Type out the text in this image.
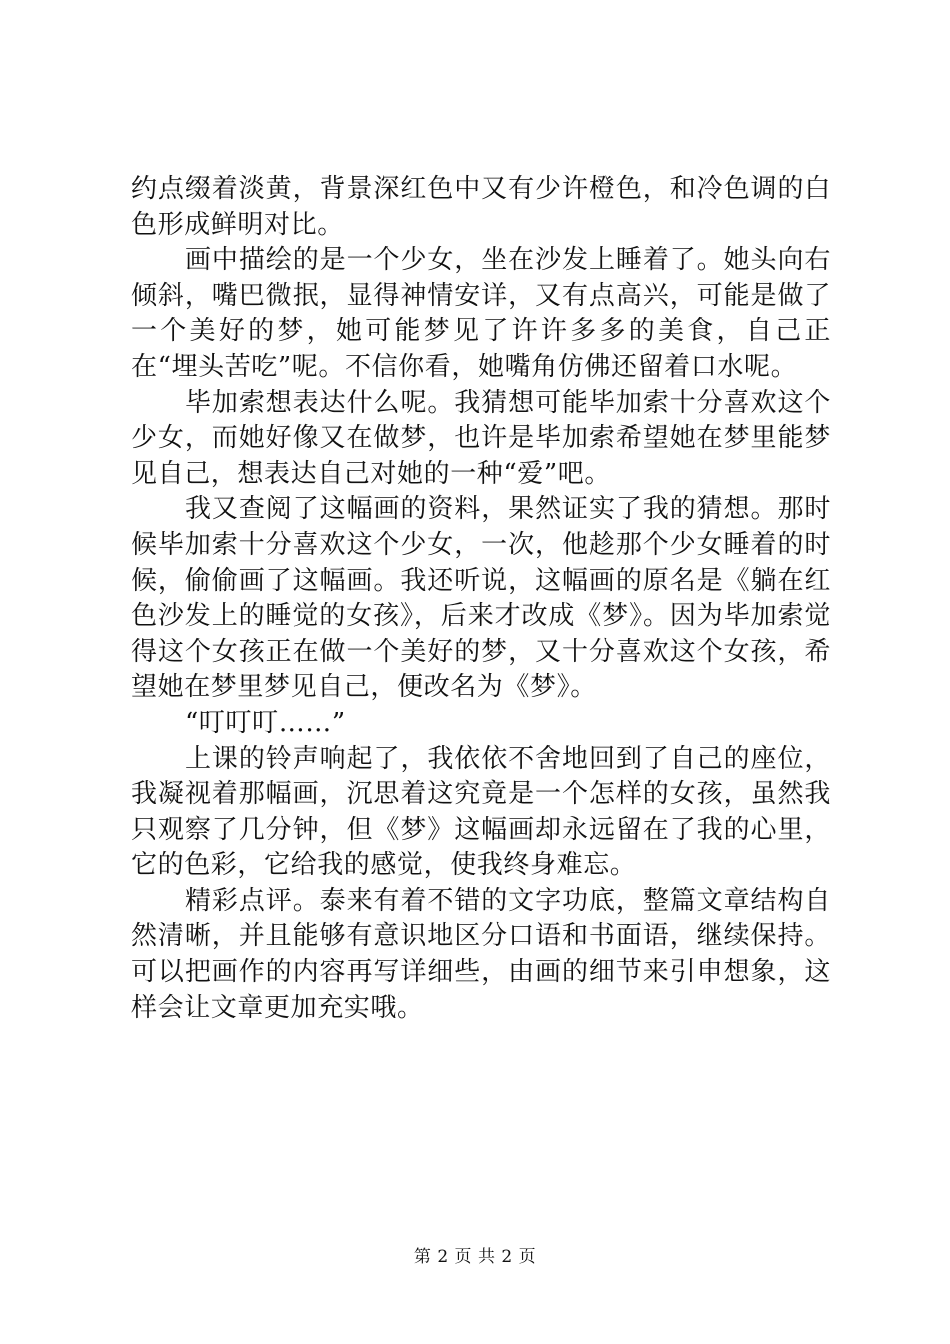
约点缀着淡黄，背景深红色中又有少许橙色，和冷色调的白色形成鲜明对比。

画中描绘的是一个少女，坐在沙发上睡着了。她头向右倾斜，嘴巴微抿，显得神情安详，又有点高兴，可能是做了一个美好的梦，她可能梦见了许许多多的美食，自己正在“埋头苦吃”呢。不信你看，她嘴角仿佛还留着口水呢。

毕加索想表达什么呢。我猜想可能毕加索十分喜欢这个少女，而她好像又在做梦，也许是毕加索希望她在梦里能梦见自己，想表达自己对她的一种“爱”吧。

我又查阅了这幅画的资料，果然证实了我的猜想。那时候毕加索十分喜欢这个少女，一次，他趁那个少女睡着的时候，偷偷画了这幅画。我还听说，这幅画的原名是《躺在红色沙发上的睡觉的女孩》，后来才改成《梦》。因为毕加索觉得这个女孩正在做一个美好的梦，又十分喜欢这个女孩，希望她在梦里梦见自己，便改名为《梦》。

“叮叮叮……”

上课的铃声响起了，我依依不舍地回到了自己的座位，我凝视着那幅画，沉思着这究竟是一个怎样的女孩，虽然我只观察了几分钟，但《梦》这幅画却永远留在了我的心里，它的色彩，它给我的感觉，使我终身难忘。

精彩点评。泰来有着不错的文字功底，整篇文章结构自然清晰，并且能够有意识地区分口语和书面语，继续保持。可以把画作的内容再写详细些，由画的细节来引申想象，这样会让文章更加充实哦。

第 2 页 共 2 页
